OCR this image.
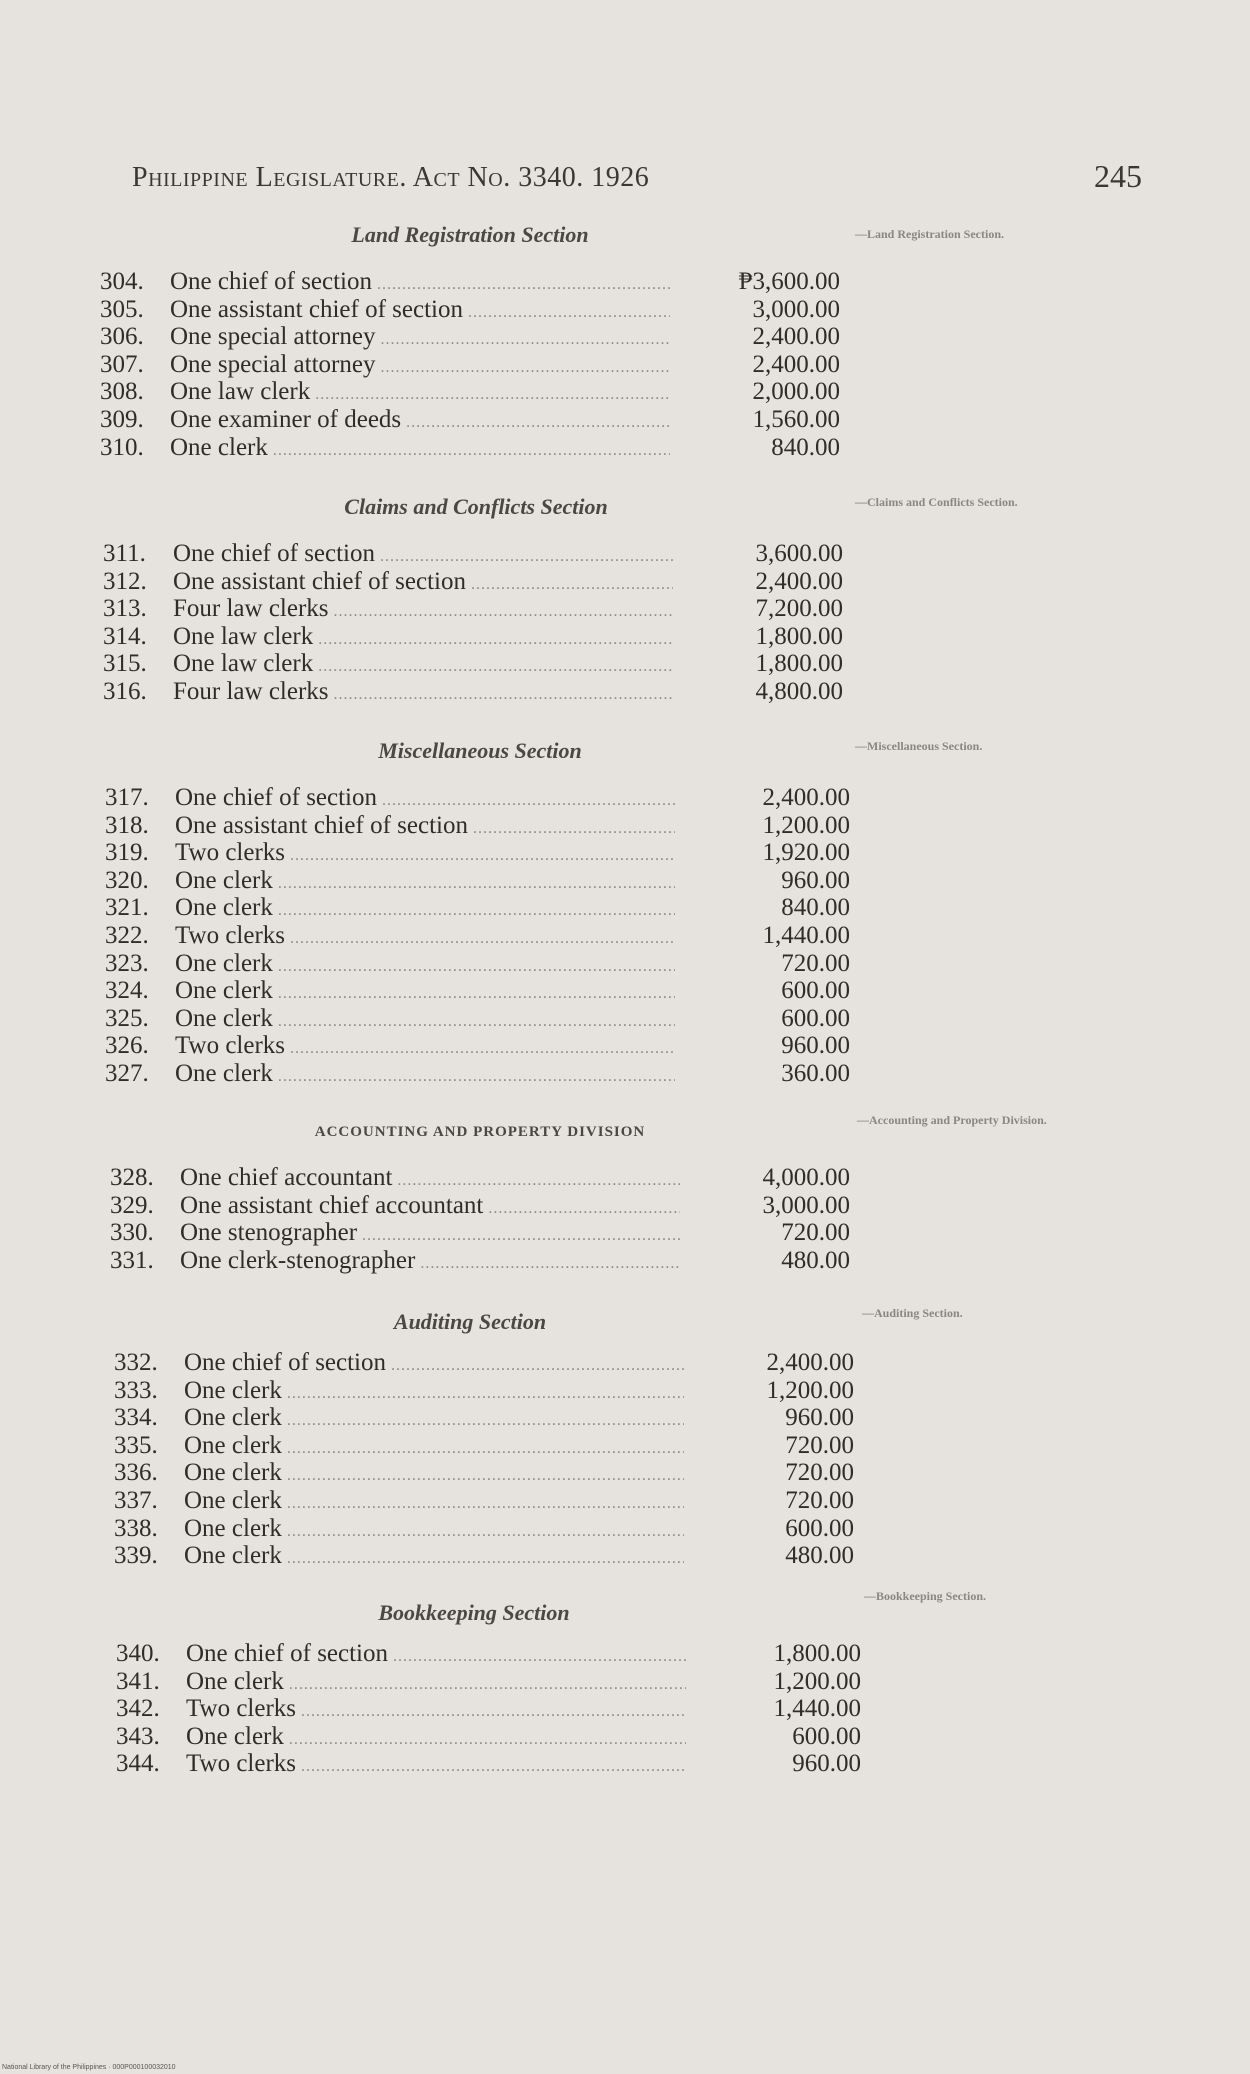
Philippine Legislature. Act No. 3340. 1926	245
Land Registration Section	—Land Registration Section.
304. One chief of section .....	₱3,600.00
305. One assistant chief of section .....	3,000.00
306. One special attorney .....	2,400.00
307. One special attorney .....	2,400.00
308. One law clerk .....	2,000.00
309. One examiner of deeds .....	1,560.00
310. One clerk .....	840.00
Claims and Conflicts Section	—Claims and Conflicts Section.
311. One chief of section .....	3,600.00
312. One assistant chief of section .....	2,400.00
313. Four law clerks .....	7,200.00
314. One law clerk .....	1,800.00
315. One law clerk .....	1,800.00
316. Four law clerks .....	4,800.00
Miscellaneous Section	—Miscellaneous Section.
317. One chief of section .....	2,400.00
318. One assistant chief of section .....	1,200.00
319. Two clerks .....	1,920.00
320. One clerk .....	960.00
321. One clerk .....	840.00
322. Two clerks .....	1,440.00
323. One clerk .....	720.00
324. One clerk .....	600.00
325. One clerk .....	600.00
326. Two clerks .....	960.00
327. One clerk .....	360.00
ACCOUNTING AND PROPERTY DIVISION
—Accounting and Property Division.
328. One chief accountant .....	4,000.00
329. One assistant chief accountant .....	3,000.00
330. One stenographer .....	720.00
331. One clerk-stenographer .....	480.00
Auditing Section	—Auditing Section.
332. One chief of section .....	2,400.00
333. One clerk .....	1,200.00
334. One clerk .....	960.00
335. One clerk .....	720.00
336. One clerk .....	720.00
337. One clerk .....	720.00
338. One clerk .....	600.00
339. One clerk .....	480.00
Bookkeeping Section
—Bookkeeping Section.
340. One chief of section .....	1,800.00
341. One clerk .....	1,200.00
342. Two clerks .....	1,440.00
343. One clerk .....	600.00
344. Two clerks .....	960.00
National Library of the Philippines · 000P000100032010
